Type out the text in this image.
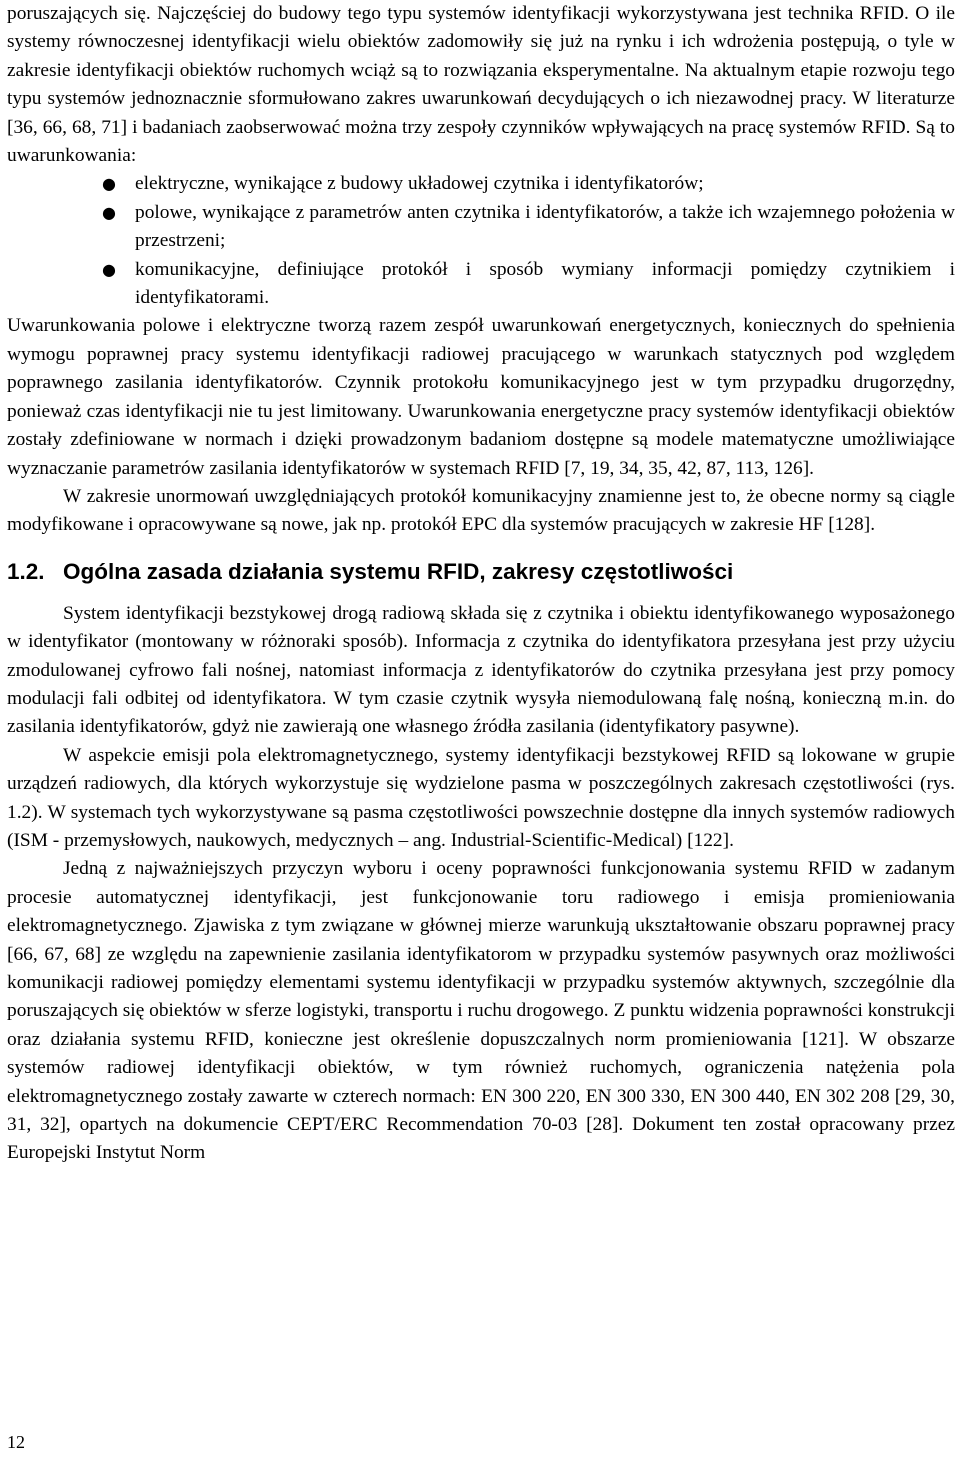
poruszających się. Najczęściej do budowy tego typu systemów identyfikacji wykorzystywana jest technika RFID. O ile systemy równoczesnej identyfikacji wielu obiektów zadomowiły się już na rynku i ich wdrożenia postępują, o tyle w zakresie identyfikacji obiektów ruchomych wciąż są to rozwiązania eksperymentalne. Na aktualnym etapie rozwoju tego typu systemów jednoznacznie sformułowano zakres uwarunkowań decydujących o ich niezawodnej pracy. W literaturze [36, 66, 68, 71] i badaniach zaobserwować można trzy zespoły czynników wpływających na pracę systemów RFID. Są to uwarunkowania:

● elektryczne, wynikające z budowy układowej czytnika i identyfikatorów;
● polowe, wynikające z parametrów anten czytnika i identyfikatorów, a także ich wzajemnego położenia w przestrzeni;
● komunikacyjne, definiujące protokół i sposób wymiany informacji pomiędzy czytnikiem i identyfikatorami.

Uwarunkowania polowe i elektryczne tworzą razem zespół uwarunkowań energetycznych, koniecznych do spełnienia wymogu poprawnej pracy systemu identyfikacji radiowej pracującego w warunkach statycznych pod względem poprawnego zasilania identyfikatorów. Czynnik protokołu komunikacyjnego jest w tym przypadku drugorzędny, ponieważ czas identyfikacji nie tu jest limitowany. Uwarunkowania energetyczne pracy systemów identyfikacji obiektów zostały zdefiniowane w normach i dzięki prowadzonym badaniom dostępne są modele matematyczne umożliwiające wyznaczanie parametrów zasilania identyfikatorów w systemach RFID [7, 19, 34, 35, 42, 87, 113, 126].

W zakresie unormowań uwzględniających protokół komunikacyjny znamienne jest to, że obecne normy są ciągle modyfikowane i opracowywane są nowe, jak np. protokół EPC dla systemów pracujących w zakresie HF [128].

1.2. Ogólna zasada działania systemu RFID, zakresy częstotliwości

System identyfikacji bezstykowej drogą radiową składa się z czytnika i obiektu identyfikowanego wyposażonego w identyfikator (montowany w różnoraki sposób). Informacja z czytnika do identyfikatora przesyłana jest przy użyciu zmodulowanej cyfrowo fali nośnej, natomiast informacja z identyfikatorów do czytnika przesyłana jest przy pomocy modulacji fali odbitej od identyfikatora. W tym czasie czytnik wysyła niemodulowaną falę nośną, konieczną m.in. do zasilania identyfikatorów, gdyż nie zawierają one własnego źródła zasilania (identyfikatory pasywne).

W aspekcie emisji pola elektromagnetycznego, systemy identyfikacji bezstykowej RFID są lokowane w grupie urządzeń radiowych, dla których wykorzystuje się wydzielone pasma w poszczególnych zakresach częstotliwości (rys. 1.2). W systemach tych wykorzystywane są pasma częstotliwości powszechnie dostępne dla innych systemów radiowych (ISM - przemysłowych, naukowych, medycznych – ang. Industrial-Scientific-Medical) [122].

Jedną z najważniejszych przyczyn wyboru i oceny poprawności funkcjonowania systemu RFID w zadanym procesie automatycznej identyfikacji, jest funkcjonowanie toru radiowego i emisja promieniowania elektromagnetycznego. Zjawiska z tym związane w głównej mierze warunkują ukształtowanie obszaru poprawnej pracy [66, 67, 68] ze względu na zapewnienie zasilania identyfikatorom w przypadku systemów pasywnych oraz możliwości komunikacji radiowej pomiędzy elementami systemu identyfikacji w przypadku systemów aktywnych, szczególnie dla poruszających się obiektów w sferze logistyki, transportu i ruchu drogowego. Z punktu widzenia poprawności konstrukcji oraz działania systemu RFID, konieczne jest określenie dopuszczalnych norm promieniowania [121]. W obszarze systemów radiowej identyfikacji obiektów, w tym również ruchomych, ograniczenia natężenia pola elektromagnetycznego zostały zawarte w czterech normach: EN 300 220, EN 300 330, EN 300 440, EN 302 208 [29, 30, 31, 32], opartych na dokumencie CEPT/ERC Recommendation 70-03 [28]. Dokument ten został opracowany przez Europejski Instytut Norm

12
